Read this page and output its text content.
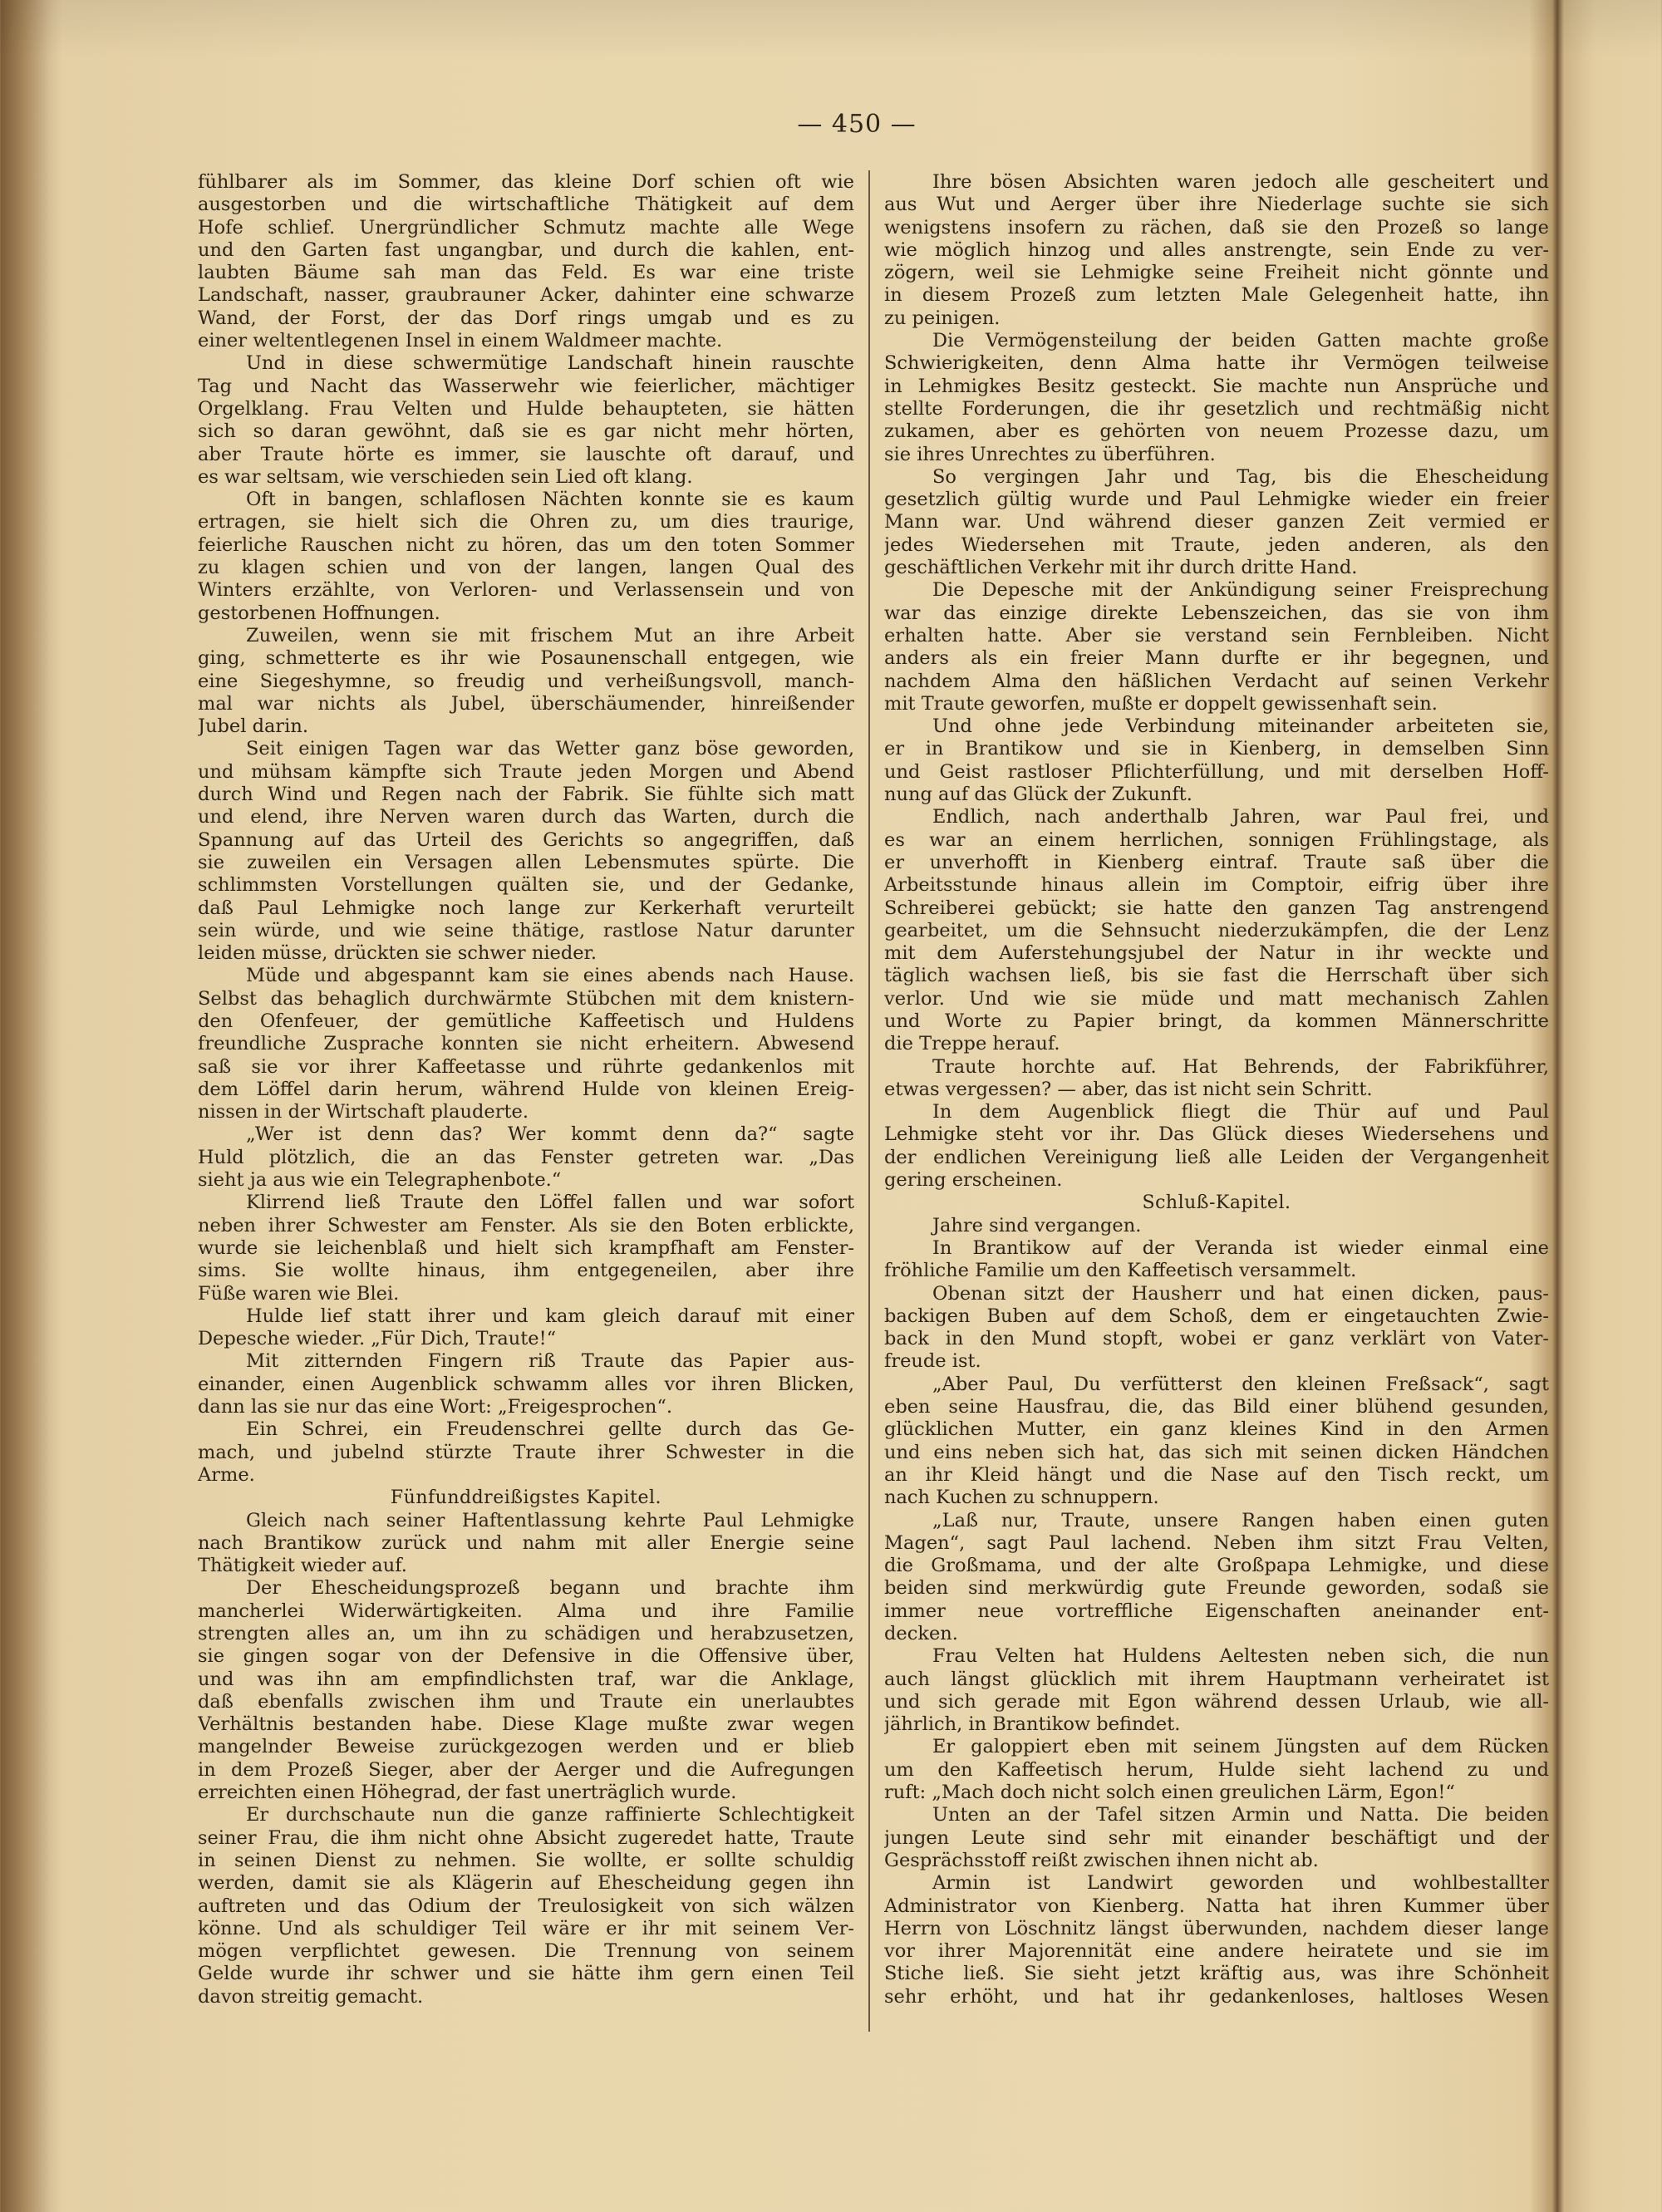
— 450 —
fühlbarer als im Sommer, das kleine Dorf schien oft wie
ausgestorben und die wirtschaftliche Thätigkeit auf dem
Hofe schlief. Unergründlicher Schmutz machte alle Wege
und den Garten fast ungangbar, und durch die kahlen, ent-
laubten Bäume sah man das Feld. Es war eine triste
Landschaft, nasser, graubrauner Acker, dahinter eine schwarze
Wand, der Forst, der das Dorf rings umgab und es zu
einer weltentlegenen Insel in einem Waldmeer machte.
Und in diese schwermütige Landschaft hinein rauschte
Tag und Nacht das Wasserwehr wie feierlicher, mächtiger
Orgelklang. Frau Velten und Hulde behaupteten, sie hätten
sich so daran gewöhnt, daß sie es gar nicht mehr hörten,
aber Traute hörte es immer, sie lauschte oft darauf, und
es war seltsam, wie verschieden sein Lied oft klang.
Oft in bangen, schlaflosen Nächten konnte sie es kaum
ertragen, sie hielt sich die Ohren zu, um dies traurige,
feierliche Rauschen nicht zu hören, das um den toten Sommer
zu klagen schien und von der langen, langen Qual des
Winters erzählte, von Verloren- und Verlassensein und von
gestorbenen Hoffnungen.
Zuweilen, wenn sie mit frischem Mut an ihre Arbeit
ging, schmetterte es ihr wie Posaunenschall entgegen, wie
eine Siegeshymne, so freudig und verheißungsvoll, manch-
mal war nichts als Jubel, überschäumender, hinreißender
Jubel darin.
Seit einigen Tagen war das Wetter ganz böse geworden,
und mühsam kämpfte sich Traute jeden Morgen und Abend
durch Wind und Regen nach der Fabrik. Sie fühlte sich matt
und elend, ihre Nerven waren durch das Warten, durch die
Spannung auf das Urteil des Gerichts so angegriffen, daß
sie zuweilen ein Versagen allen Lebensmutes spürte. Die
schlimmsten Vorstellungen quälten sie, und der Gedanke,
daß Paul Lehmigke noch lange zur Kerkerhaft verurteilt
sein würde, und wie seine thätige, rastlose Natur darunter
leiden müsse, drückten sie schwer nieder.
Müde und abgespannt kam sie eines abends nach Hause.
Selbst das behaglich durchwärmte Stübchen mit dem knistern-
den Ofenfeuer, der gemütliche Kaffeetisch und Huldens
freundliche Zusprache konnten sie nicht erheitern. Abwesend
saß sie vor ihrer Kaffeetasse und rührte gedankenlos mit
dem Löffel darin herum, während Hulde von kleinen Ereig-
nissen in der Wirtschaft plauderte.
„Wer ist denn das? Wer kommt denn da?“ sagte
Huld plötzlich, die an das Fenster getreten war. „Das
sieht ja aus wie ein Telegraphenbote.“
Klirrend ließ Traute den Löffel fallen und war sofort
neben ihrer Schwester am Fenster. Als sie den Boten erblickte,
wurde sie leichenblaß und hielt sich krampfhaft am Fenster-
sims. Sie wollte hinaus, ihm entgegeneilen, aber ihre
Füße waren wie Blei.
Hulde lief statt ihrer und kam gleich darauf mit einer
Depesche wieder. „Für Dich, Traute!“
Mit zitternden Fingern riß Traute das Papier aus-
einander, einen Augenblick schwamm alles vor ihren Blicken,
dann las sie nur das eine Wort: „Freigesprochen“.
Ein Schrei, ein Freudenschrei gellte durch das Ge-
mach, und jubelnd stürzte Traute ihrer Schwester in die
Arme.
Fünfunddreißigstes Kapitel.
Gleich nach seiner Haftentlassung kehrte Paul Lehmigke
nach Brantikow zurück und nahm mit aller Energie seine
Thätigkeit wieder auf.
Der Ehescheidungsprozeß begann und brachte ihm
mancherlei Widerwärtigkeiten. Alma und ihre Familie
strengten alles an, um ihn zu schädigen und herabzusetzen,
sie gingen sogar von der Defensive in die Offensive über,
und was ihn am empfindlichsten traf, war die Anklage,
daß ebenfalls zwischen ihm und Traute ein unerlaubtes
Verhältnis bestanden habe. Diese Klage mußte zwar wegen
mangelnder Beweise zurückgezogen werden und er blieb
in dem Prozeß Sieger, aber der Aerger und die Aufregungen
erreichten einen Höhegrad, der fast unerträglich wurde.
Er durchschaute nun die ganze raffinierte Schlechtigkeit
seiner Frau, die ihm nicht ohne Absicht zugeredet hatte, Traute
in seinen Dienst zu nehmen. Sie wollte, er sollte schuldig
werden, damit sie als Klägerin auf Ehescheidung gegen ihn
auftreten und das Odium der Treulosigkeit von sich wälzen
könne. Und als schuldiger Teil wäre er ihr mit seinem Ver-
mögen verpflichtet gewesen. Die Trennung von seinem
Gelde wurde ihr schwer und sie hätte ihm gern einen Teil
davon streitig gemacht.
Ihre bösen Absichten waren jedoch alle gescheitert und
aus Wut und Aerger über ihre Niederlage suchte sie sich
wenigstens insofern zu rächen, daß sie den Prozeß so lange
wie möglich hinzog und alles anstrengte, sein Ende zu ver-
zögern, weil sie Lehmigke seine Freiheit nicht gönnte und
in diesem Prozeß zum letzten Male Gelegenheit hatte, ihn
zu peinigen.
Die Vermögensteilung der beiden Gatten machte große
Schwierigkeiten, denn Alma hatte ihr Vermögen teilweise
in Lehmigkes Besitz gesteckt. Sie machte nun Ansprüche und
stellte Forderungen, die ihr gesetzlich und rechtmäßig nicht
zukamen, aber es gehörten von neuem Prozesse dazu, um
sie ihres Unrechtes zu überführen.
So vergingen Jahr und Tag, bis die Ehescheidung
gesetzlich gültig wurde und Paul Lehmigke wieder ein freier
Mann war. Und während dieser ganzen Zeit vermied er
jedes Wiedersehen mit Traute, jeden anderen, als den
geschäftlichen Verkehr mit ihr durch dritte Hand.
Die Depesche mit der Ankündigung seiner Freisprechung
war das einzige direkte Lebenszeichen, das sie von ihm
erhalten hatte. Aber sie verstand sein Fernbleiben. Nicht
anders als ein freier Mann durfte er ihr begegnen, und
nachdem Alma den häßlichen Verdacht auf seinen Verkehr
mit Traute geworfen, mußte er doppelt gewissenhaft sein.
Und ohne jede Verbindung miteinander arbeiteten sie,
er in Brantikow und sie in Kienberg, in demselben Sinn
und Geist rastloser Pflichterfüllung, und mit derselben Hoff-
nung auf das Glück der Zukunft.
Endlich, nach anderthalb Jahren, war Paul frei, und
es war an einem herrlichen, sonnigen Frühlingstage, als
er unverhofft in Kienberg eintraf. Traute saß über die
Arbeitsstunde hinaus allein im Comptoir, eifrig über ihre
Schreiberei gebückt; sie hatte den ganzen Tag anstrengend
gearbeitet, um die Sehnsucht niederzukämpfen, die der Lenz
mit dem Auferstehungsjubel der Natur in ihr weckte und
täglich wachsen ließ, bis sie fast die Herrschaft über sich
verlor. Und wie sie müde und matt mechanisch Zahlen
und Worte zu Papier bringt, da kommen Männerschritte
die Treppe herauf.
Traute horchte auf. Hat Behrends, der Fabrikführer,
etwas vergessen? — aber, das ist nicht sein Schritt.
In dem Augenblick fliegt die Thür auf und Paul
Lehmigke steht vor ihr. Das Glück dieses Wiedersehens und
der endlichen Vereinigung ließ alle Leiden der Vergangenheit
gering erscheinen.
Schluß-Kapitel.
Jahre sind vergangen.
In Brantikow auf der Veranda ist wieder einmal eine
fröhliche Familie um den Kaffeetisch versammelt.
Obenan sitzt der Hausherr und hat einen dicken, paus-
backigen Buben auf dem Schoß, dem er eingetauchten Zwie-
back in den Mund stopft, wobei er ganz verklärt von Vater-
freude ist.
„Aber Paul, Du verfütterst den kleinen Freßsack“, sagt
eben seine Hausfrau, die, das Bild einer blühend gesunden,
glücklichen Mutter, ein ganz kleines Kind in den Armen
und eins neben sich hat, das sich mit seinen dicken Händchen
an ihr Kleid hängt und die Nase auf den Tisch reckt, um
nach Kuchen zu schnuppern.
„Laß nur, Traute, unsere Rangen haben einen guten
Magen“, sagt Paul lachend. Neben ihm sitzt Frau Velten,
die Großmama, und der alte Großpapa Lehmigke, und diese
beiden sind merkwürdig gute Freunde geworden, sodaß sie
immer neue vortreffliche Eigenschaften aneinander ent-
decken.
Frau Velten hat Huldens Aeltesten neben sich, die nun
auch längst glücklich mit ihrem Hauptmann verheiratet ist
und sich gerade mit Egon während dessen Urlaub, wie all-
jährlich, in Brantikow befindet.
Er galoppiert eben mit seinem Jüngsten auf dem Rücken
um den Kaffeetisch herum, Hulde sieht lachend zu und
ruft: „Mach doch nicht solch einen greulichen Lärm, Egon!“
Unten an der Tafel sitzen Armin und Natta. Die beiden
jungen Leute sind sehr mit einander beschäftigt und der
Gesprächsstoff reißt zwischen ihnen nicht ab.
Armin ist Landwirt geworden und wohlbestallter
Administrator von Kienberg. Natta hat ihren Kummer über
Herrn von Löschnitz längst überwunden, nachdem dieser lange
vor ihrer Majorennität eine andere heiratete und sie im
Stiche ließ. Sie sieht jetzt kräftig aus, was ihre Schönheit
sehr erhöht, und hat ihr gedankenloses, haltloses Wesen
